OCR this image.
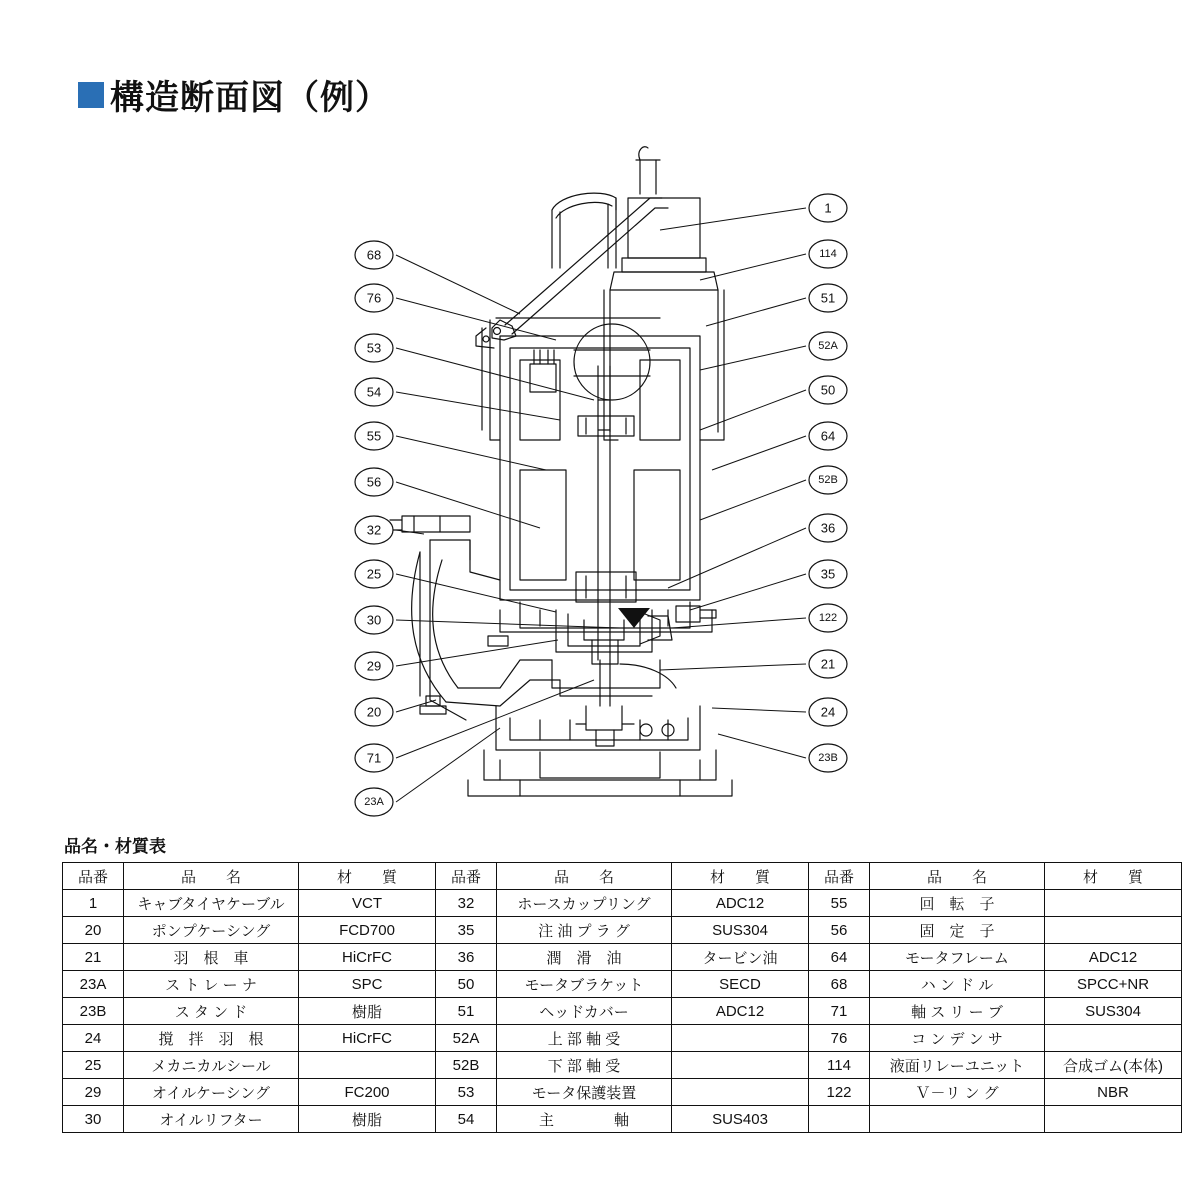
構造断面図（例）
68
76
53
54
55
56
32
25
30
29
20
71
23A
1
114
51
52A
50
64
52B
36
35
122
21
24
23B
品名・材質表
品番	品　　名	材　　質	品番	品　　名	材　　質	品番	品　　名	材　　質
1	キャブタイヤケーブル	VCT	32	ホースカップリング	ADC12	55	回　転　子	
20	ポンプケーシング	FCD700	35	注 油 プ ラ グ	SUS304	56	固　定　子	
21	羽　根　車	HiCrFC	36	潤　滑　油	タービン油	64	モータフレーム	ADC12
23A	ス ト レ ー ナ	SPC	50	モータブラケット	SECD	68	ハ ン ド ル	SPCC+NR
23B	ス タ ン ド	樹脂	51	ヘッドカバー	ADC12	71	軸 ス リ ー ブ	SUS304
24	撹　拌　羽　根	HiCrFC	52A	上 部 軸 受		76	コ ン デ ン サ	
25	メカニカルシール		52B	下 部 軸 受		114	液面リレーユニット	合成ゴム(本体)
29	オイルケーシング	FC200	53	モータ保護装置		122	Ｖ－リ ン グ	NBR
30	オイルリフター	樹脂	54	主　　　　軸	SUS403			
